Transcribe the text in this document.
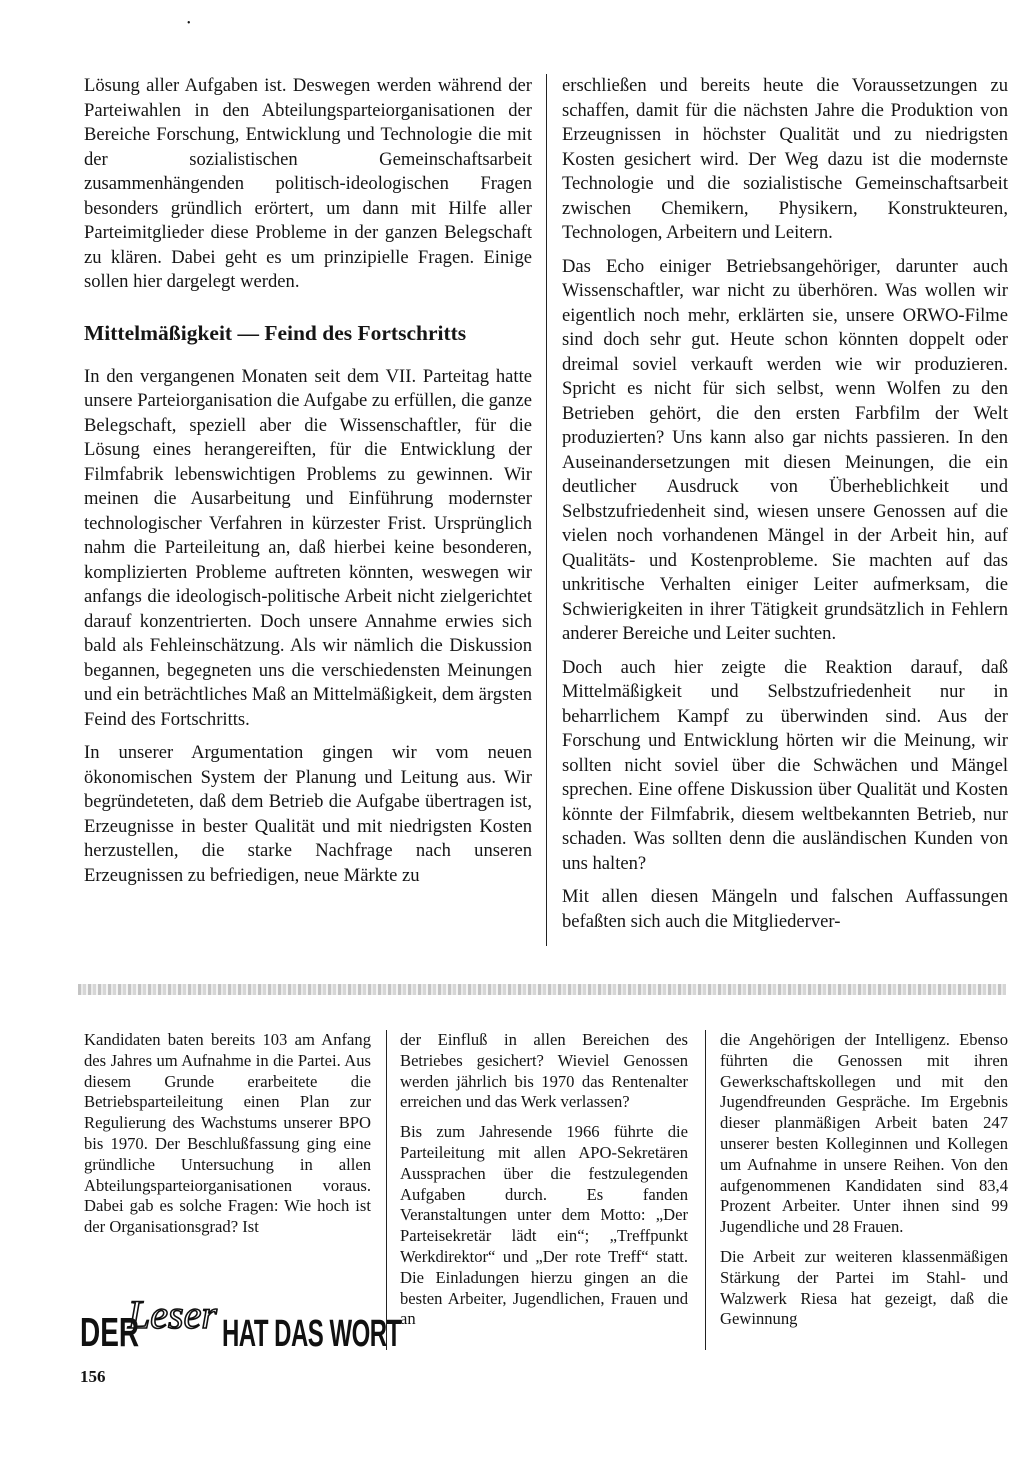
•

Lösung aller Aufgaben ist. Deswegen werden während der Parteiwahlen in den Abteilungsparteiorganisationen der Bereiche Forschung, Entwicklung und Technologie die mit der sozialistischen Gemeinschaftsarbeit zusammenhängenden politisch-ideologischen Fragen besonders gründlich erörtert, um dann mit Hilfe aller Parteimitglieder diese Probleme in der ganzen Belegschaft zu klären. Dabei geht es um prinzipielle Fragen. Einige sollen hier dargelegt werden.

Mittelmäßigkeit — Feind des Fortschritts

In den vergangenen Monaten seit dem VII. Parteitag hatte unsere Parteiorganisation die Aufgabe zu erfüllen, die ganze Belegschaft, speziell aber die Wissenschaftler, für die Lösung eines herangereiften, für die Entwicklung der Filmfabrik lebenswichtigen Problems zu gewinnen. Wir meinen die Ausarbeitung und Einführung modernster technologischer Verfahren in kürzester Frist. Ursprünglich nahm die Parteileitung an, daß hierbei keine besonderen, komplizierten Probleme auftreten könnten, weswegen wir anfangs die ideologisch-politische Arbeit nicht zielgerichtet darauf konzentrierten. Doch unsere Annahme erwies sich bald als Fehleinschätzung. Als wir nämlich die Diskussion begannen, begegneten uns die verschiedensten Meinungen und ein beträchtliches Maß an Mittelmäßigkeit, dem ärgsten Feind des Fortschritts.

In unserer Argumentation gingen wir vom neuen ökonomischen System der Planung und Leitung aus. Wir begründeteten, daß dem Betrieb die Aufgabe übertragen ist, Erzeugnisse in bester Qualität und mit niedrigsten Kosten herzustellen, die starke Nachfrage nach unseren Erzeugnissen zu befriedigen, neue Märkte zu

erschließen und bereits heute die Voraussetzungen zu schaffen, damit für die nächsten Jahre die Produktion von Erzeugnissen in höchster Qualität und zu niedrigsten Kosten gesichert wird. Der Weg dazu ist die modernste Technologie und die sozialistische Gemeinschaftsarbeit zwischen Chemikern, Physikern, Konstrukteuren, Technologen, Arbeitern und Leitern.

Das Echo einiger Betriebsangehöriger, darunter auch Wissenschaftler, war nicht zu überhören. Was wollen wir eigentlich noch mehr, erklärten sie, unsere ORWO-Filme sind doch sehr gut. Heute schon könnten doppelt oder dreimal soviel verkauft werden wie wir produzieren. Spricht es nicht für sich selbst, wenn Wolfen zu den Betrieben gehört, die den ersten Farbfilm der Welt produzierten? Uns kann also gar nichts passieren. In den Auseinandersetzungen mit diesen Meinungen, die ein deutlicher Ausdruck von Überheblichkeit und Selbstzufriedenheit sind, wiesen unsere Genossen auf die vielen noch vorhandenen Mängel in der Arbeit hin, auf Qualitäts- und Kostenprobleme. Sie machten auf das unkritische Verhalten einiger Leiter aufmerksam, die Schwierigkeiten in ihrer Tätigkeit grundsätzlich in Fehlern anderer Bereiche und Leiter suchten.

Doch auch hier zeigte die Reaktion darauf, daß Mittelmäßigkeit und Selbstzufriedenheit nur in beharrlichem Kampf zu überwinden sind. Aus der Forschung und Entwicklung hörten wir die Meinung, wir sollten nicht soviel über die Schwächen und Mängel sprechen. Eine offene Diskussion über Qualität und Kosten könnte der Filmfabrik, diesem weltbekannten Betrieb, nur schaden. Was sollten denn die ausländischen Kunden von uns halten?

Mit allen diesen Mängeln und falschen Auffassungen befaßten sich auch die Mitgliederver-

Kandidaten baten bereits 103 am Anfang des Jahres um Aufnahme in die Partei. Aus diesem Grunde erarbeitete die Betriebsparteileitung einen Plan zur Regulierung des Wachstums unserer BPO bis 1970. Der Beschlußfassung ging eine gründliche Untersuchung in allen Abteilungsparteiorganisationen voraus. Dabei gab es solche Fragen: Wie hoch ist der Organisationsgrad? Ist

der Einfluß in allen Bereichen des Betriebes gesichert? Wieviel Genossen werden jährlich bis 1970 das Rentenalter erreichen und das Werk verlassen?

Bis zum Jahresende 1966 führte die Parteileitung mit allen APO-Sekretären Aussprachen über die festzulegenden Aufgaben durch. Es fanden Veranstaltungen unter dem Motto: „Der Parteisekretär lädt ein“; „Treffpunkt Werkdirektor“ und „Der rote Treff“ statt. Die Einladungen hierzu gingen an die besten Arbeiter, Jugendlichen, Frauen und an

die Angehörigen der Intelligenz. Ebenso führten die Genossen mit ihren Gewerkschaftskollegen und mit den Jugendfreunden Gespräche. Im Ergebnis dieser planmäßigen Arbeit baten 247 unserer besten Kolleginnen und Kollegen um Aufnahme in unsere Reihen. Von den aufgenommenen Kandidaten sind 83,4 Prozent Arbeiter. Unter ihnen sind 99 Jugendliche und 28 Frauen.

Die Arbeit zur weiteren klassenmäßigen Stärkung der Partei im Stahl- und Walzwerk Riesa hat gezeigt, daß die Gewinnung

DER
Leser HAT DAS WORT
156
